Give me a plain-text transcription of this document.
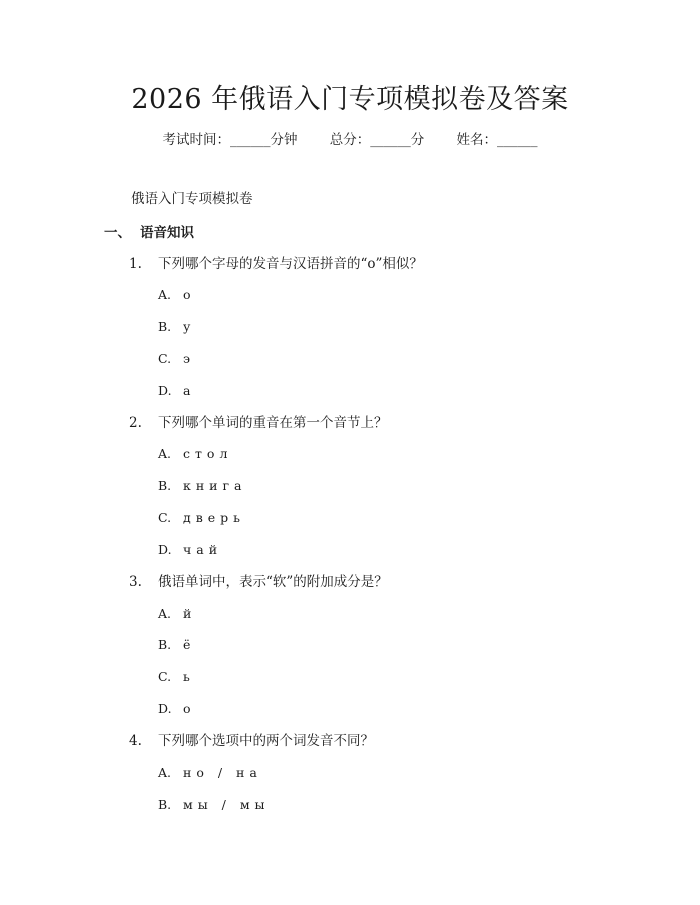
2026 年俄语入门专项模拟卷及答案
考试时间：______分钟 总分：______分 姓名：______
俄语入门专项模拟卷
一、 语音知识
1. 下列哪个字母的发音与汉语拼音的“o”相似？
A. о
B. у
C. э
D. а
2. 下列哪个单词的重音在第一个音节上？
A. стол
B. книга
C. дверь
D. чай
3. 俄语单词中，表示“软”的附加成分是？
A. й
B. ё
C. ь
D. о
4. 下列哪个选项中的两个词发音不同？
A. но / на
B. мы / мы
